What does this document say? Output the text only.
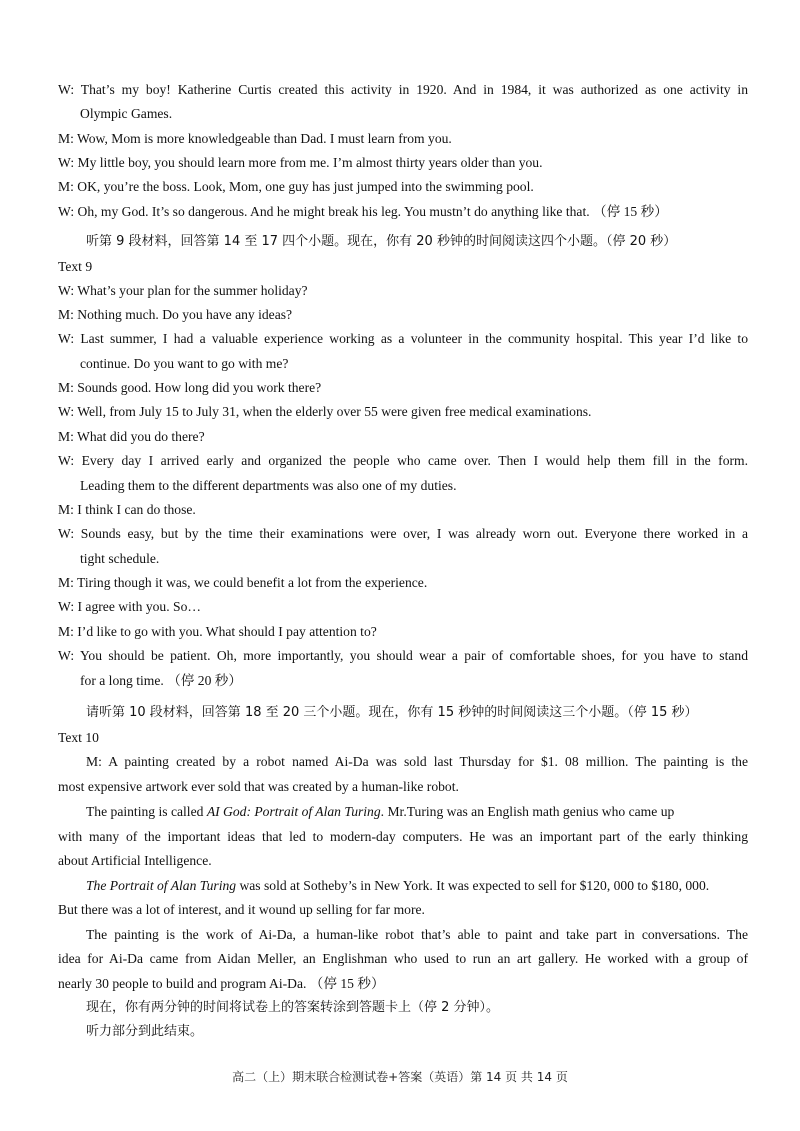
W: That’s my boy! Katherine Curtis created this activity in 1920. And in 1984, it was authorized as one activity in
Olympic Games.
M: Wow, Mom is more knowledgeable than Dad. I must learn from you.
W: My little boy, you should learn more from me. I’m almost thirty years older than you.
M: OK, you’re the boss. Look, Mom, one guy has just jumped into the swimming pool.
W: Oh, my God. It’s so dangerous. And he might break his leg. You mustn’t do anything like that. （停 15 秒）
听第 9 段材料，回答第 14 至 17 四个小题。现在，你有 20 秒钟的时间阅读这四个小题。（停 20 秒）
Text 9
W: What’s your plan for the summer holiday?
M: Nothing much. Do you have any ideas?
W: Last summer, I had a valuable experience working as a volunteer in the community hospital. This year I’d like to
continue. Do you want to go with me?
M: Sounds good. How long did you work there?
W: Well, from July 15 to July 31, when the elderly over 55 were given free medical examinations.
M: What did you do there?
W: Every day I arrived early and organized the people who came over. Then I would help them fill in the form.
Leading them to the different departments was also one of my duties.
M: I think I can do those.
W: Sounds easy, but by the time their examinations were over, I was already worn out. Everyone there worked in a
tight schedule.
M: Tiring though it was, we could benefit a lot from the experience.
W: I agree with you. So…
M: I’d like to go with you. What should I pay attention to?
W: You should be patient. Oh, more importantly, you should wear a pair of comfortable shoes, for you have to stand
for a long time. （停 20 秒）
请听第 10 段材料，回答第 18 至 20 三个小题。现在，你有 15 秒钟的时间阅读这三个小题。（停 15 秒）
Text 10
M: A painting created by a robot named Ai-Da was sold last Thursday for $1. 08 million. The painting is the
most expensive artwork ever sold that was created by a human-like robot.
The painting is called AI God: Portrait of Alan Turing. Mr.Turing was an English math genius who came up
with many of the important ideas that led to modern-day computers. He was an important part of the early thinking
about Artificial Intelligence.
The Portrait of Alan Turing was sold at Sotheby’s in New York. It was expected to sell for $120, 000 to $180, 000.
But there was a lot of interest, and it wound up selling for far more.
The painting is the work of Ai-Da, a human-like robot that’s able to paint and take part in conversations. The
idea for Ai-Da came from Aidan Meller, an Englishman who used to run an art gallery. He worked with a group of
nearly 30 people to build and program Ai-Da. （停 15 秒）
现在，你有两分钟的时间将试卷上的答案转涂到答题卡上（停 2 分钟）。
听力部分到此结束。
高二（上）期末联合检测试卷+答案（英语）第 14 页 共 14 页
